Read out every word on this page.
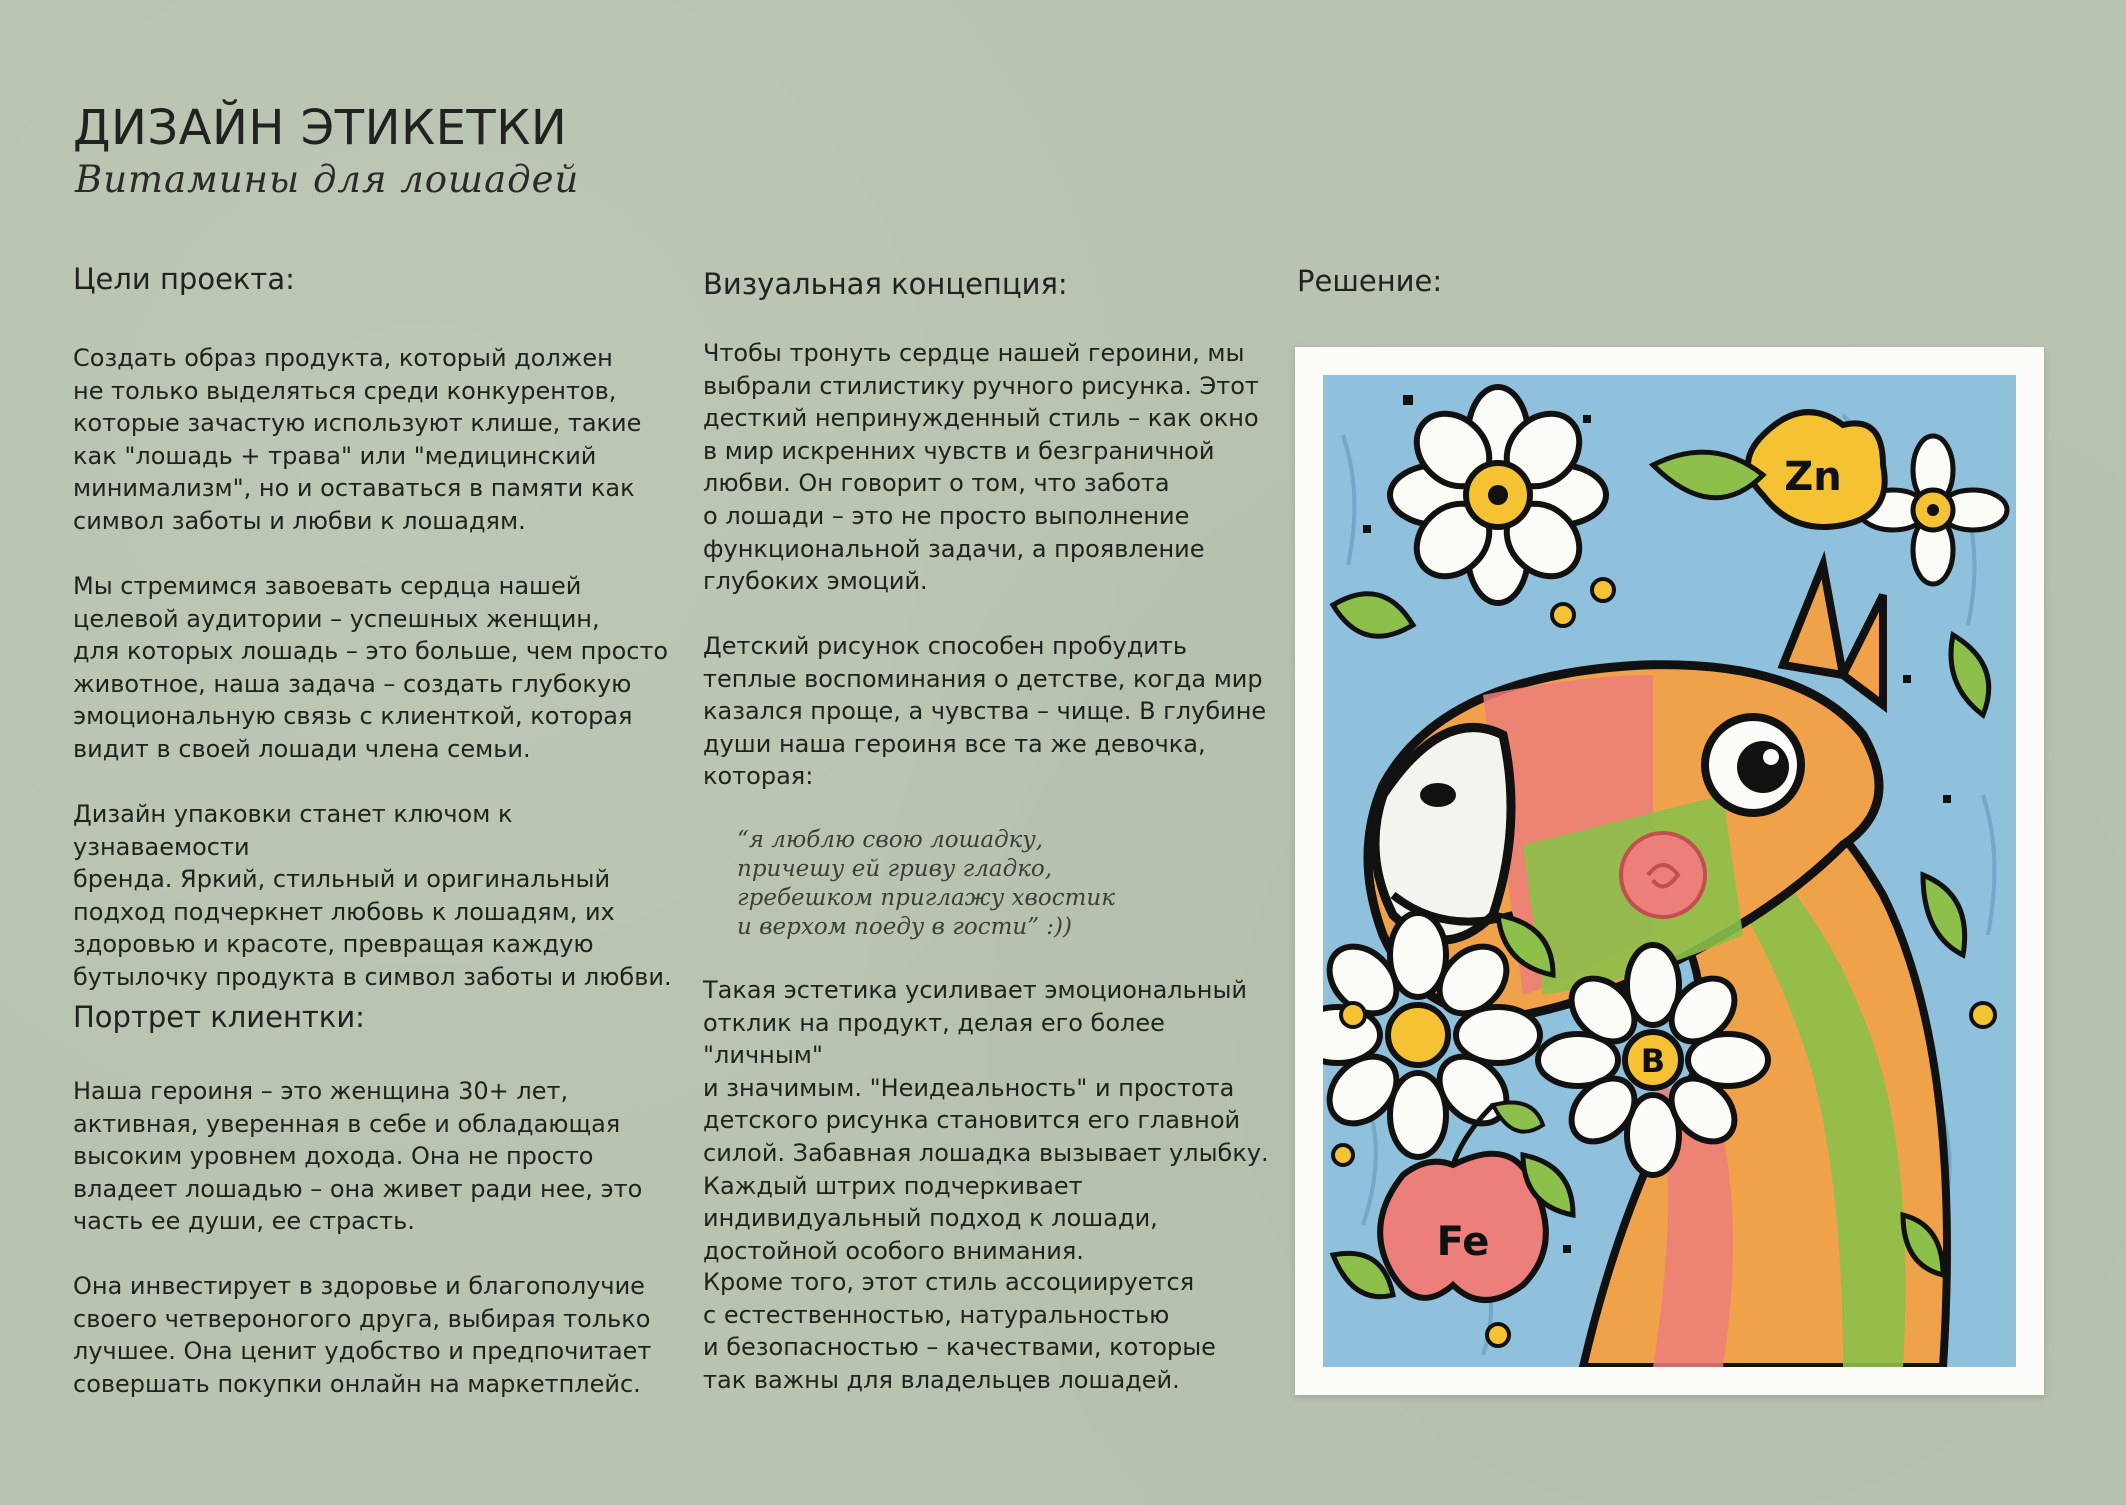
ДИЗАЙН ЭТИКЕТКИ
Витамины для лошадей
Цели проекта:
Создать образ продукта, который должен
не только выделяться среди конкурентов,
которые зачастую используют клише, такие
как "лошадь + трава" или "медицинский
минимализм", но и оставаться в памяти как
символ заботы и любви к лошадям.
Мы стремимся завоевать сердца нашей
целевой аудитории – успешных женщин,
для которых лошадь – это больше, чем просто
животное, наша задача – создать глубокую
эмоциональную связь с клиенткой, которая
видит в своей лошади члена семьи.
Дизайн упаковки станет ключом к узнаваемости
бренда. Яркий, стильный и оригинальный
подход подчеркнет любовь к лошадям, их
здоровью и красоте, превращая каждую
бутылочку продукта в символ заботы и любви.
Портрет клиентки:
Наша героиня – это женщина 30+ лет,
активная, уверенная в себе и обладающая
высоким уровнем дохода. Она не просто
владеет лошадью – она живет ради нее, это
часть ее души, ее страсть.
Она инвестирует в здоровье и благополучие
своего четвероногого друга, выбирая только
лучшее. Она ценит удобство и предпочитает
совершать покупки онлайн на маркетплейс.
Визуальная концепция:
Чтобы тронуть сердце нашей героини, мы
выбрали стилистику ручного рисунка. Этот
десткий непринужденный стиль – как окно
в мир искренних чувств и безграничной
любви. Он говорит о том, что забота
о лошади – это не просто выполнение
функциональной задачи, а проявление
глубоких эмоций.
Детский рисунок способен пробудить
теплые воспоминания о детстве, когда мир
казался проще, а чувства – чище. В глубине
души наша героиня все та же девочка,
которая:
“я люблю свою лошадку,
причешу ей гриву гладко,
гребешком приглажу хвостик
и верхом поеду в гости” :))
Такая эстетика усиливает эмоциональный
отклик на продукт, делая его более "личным"
и значимым. "Неидеальность" и простота
детского рисунка становится его главной
силой. Забавная лошадка вызывает улыбку.
Каждый штрих подчеркивает
индивидуальный подход к лошади,
достойной особого внимания.
Кроме того, этот стиль ассоциируется
с естественностью, натуральностью
и безопасностью – качествами, которые
так важны для владельцев лошадей.
Решение:
B
Zn
Fe
